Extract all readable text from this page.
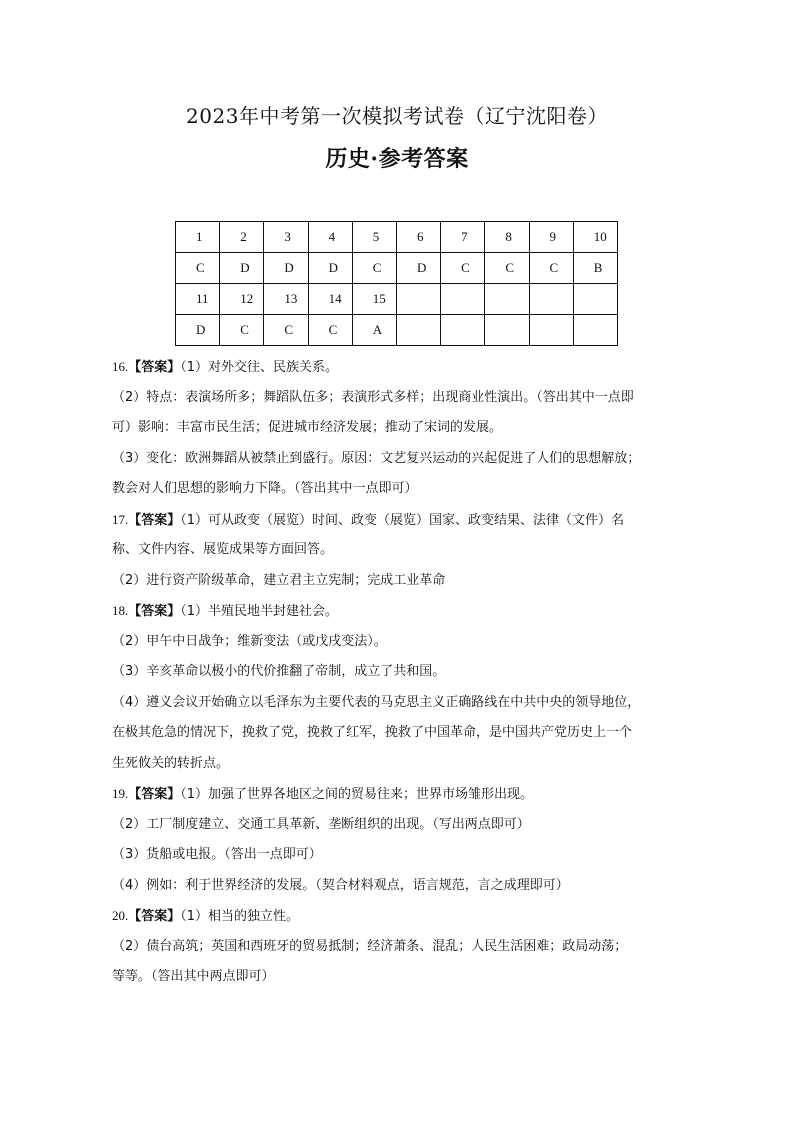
2023年中考第一次模拟考试卷（辽宁沈阳卷）
历史·参考答案
1	2	3	4	5	6	7	8	9	10
C	D	D	D	C	D	C	C	C	B
11	12	13	14	15					
D	C	C	C	A					
16.【答案】（1）对外交往、民族关系。
（2）特点：表演场所多；舞蹈队伍多；表演形式多样；出现商业性演出。（答出其中一点即
可）影响：丰富市民生活；促进城市经济发展；推动了宋词的发展。
（3）变化：欧洲舞蹈从被禁止到盛行。原因：文艺复兴运动的兴起促进了人们的思想解放；
教会对人们思想的影响力下降。（答出其中一点即可）
17.【答案】（1）可从政变（展览）时间、政变（展览）国家、政变结果、法律（文件）名
称、文件内容、展览成果等方面回答。
（2）进行资产阶级革命，建立君主立宪制；完成工业革命
18.【答案】（1）半殖民地半封建社会。
（2）甲午中日战争；维新变法（或戊戌变法）。
（3）辛亥革命以极小的代价推翻了帝制，成立了共和国。
（4）遵义会议开始确立以毛泽东为主要代表的马克思主义正确路线在中共中央的领导地位，
在极其危急的情况下，挽救了党，挽救了红军，挽救了中国革命，是中国共产党历史上一个
生死攸关的转折点。
19.【答案】（1）加强了世界各地区之间的贸易往来；世界市场雏形出现。
（2）工厂制度建立、交通工具革新、垄断组织的出现。（写出两点即可）
（3）货船或电报。（答出一点即可）
（4）例如：利于世界经济的发展。（契合材料观点，语言规范，言之成理即可）
20.【答案】（1）相当的独立性。
（2）债台高筑；英国和西班牙的贸易抵制；经济萧条、混乱；人民生活困难；政局动荡；
等等。（答出其中两点即可）
